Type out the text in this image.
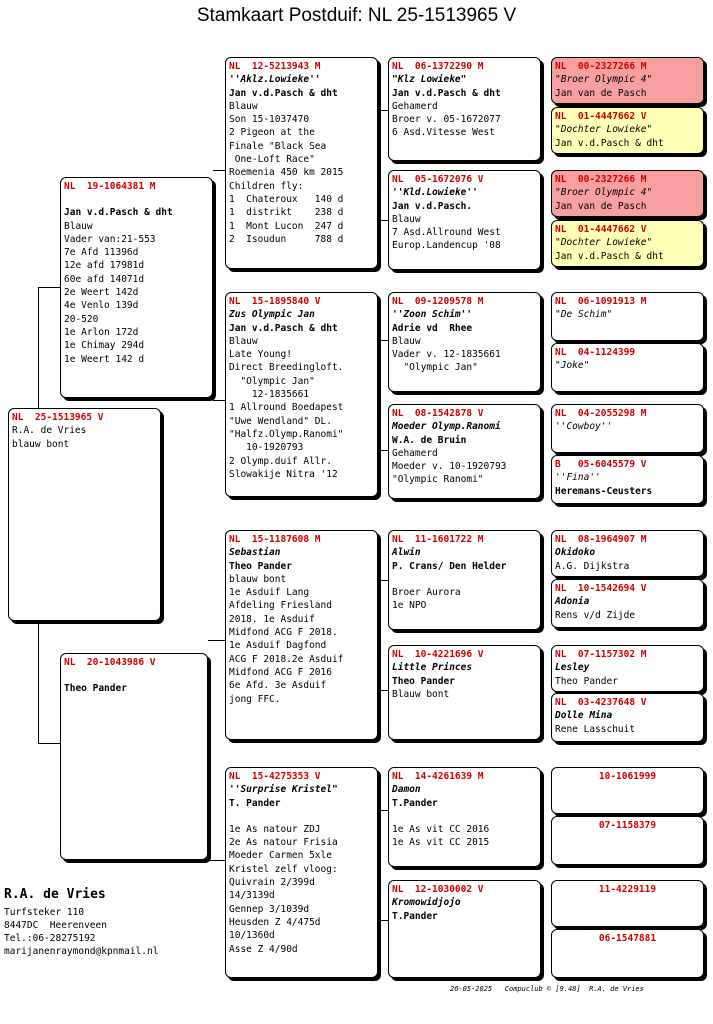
Stamkaart Postduif: NL 25-1513965 V
NL  25-1513965 V
R.A. de Vries
blauw bont
NL  19-1064381 M
Jan v.d.Pasch & dht
Blauw
Vader van:21-553
7e Afd 11396d
12e afd 17981d
60e afd 14071d
2e Weert 142d
4e Venlo 139d
20-520
1e Arlon 172d
1e Chimay 294d
1e Weert 142 d
NL  20-1043986 V
Theo Pander
NL  12-5213943 M
''Aklz.Lowieke''
Jan v.d.Pasch & dht
Blauw
Son 15-1037470
2 Pigeon at the
Finale "Black Sea
One-Loft Race"
Roemenia 450 km 2015
Children fly:
1  Chateroux   140 d
1  distrikt    238 d
1  Mont Lucon  247 d
2  Isoudun     788 d
NL  15-1895840 V
Zus Olympic Jan
Jan v.d.Pasch & dht
Blauw
Late Young!
Direct Breedingloft.
"Olympic Jan"
12-1835661
1 Allround Boedapest
"Uwe Wendland" DL.
"Halfz.Olymp.Ranomi"
10-1920793
2 Olymp.duif Allr.
Slowakije Nitra '12
NL  15-1187608 M
Sebastian
Theo Pander
blauw bont
1e Asduif Lang
Afdeling Friesland
2018. 1e Asduif
Midfond ACG F 2018.
1e Asduif Dagfond
ACG F 2018.2e Asduif
Midfond ACG F 2016
6e Afd. 3e Asduif
jong FFC.
NL  15-4275353 V
''Surprise Kristel"
T. Pander
1e As natour ZDJ
2e As natour Frisia
Moeder Carmen 5xle
Kristel zelf vloog:
Quivrain 2/399d
14/3139d
Gennep 3/1039d
Heusden Z 4/475d
10/1360d
Asse Z 4/90d
NL  06-1372290 M
"Klz Lowieke"
Jan v.d.Pasch & dht
Gehamerd
Broer v. 05-1672077
6 Asd.Vitesse West
NL  05-1672076 V
''Kld.Lowieke''
Jan v.d.Pasch.
Blauw
7 Asd.Allround West
Europ.Landencup '08
NL  09-1209578 M
''Zoon Schim''
Adrie vd  Rhee
Blauw
Vader v. 12-1835661
"Olympic Jan"
NL  08-1542878 V
Moeder Olymp.Ranomi
W.A. de Bruin
Gehamerd
Moeder v. 10-1920793
"Olympic Ranomi"
NL  11-1601722 M
Alwin
P. Crans/ Den Helder
Broer Aurora
1e NPO
NL  10-4221696 V
Little Princes
Theo Pander
Blauw bont
NL  14-4261639 M
Damon
T.Pander
1e As vit CC 2016
1e As vit CC 2015
NL  12-1030002 V
Kromowidjojo
T.Pander
NL  00-2327266 M
"Broer Olympic 4"
Jan van de Pasch
NL  01-4447662 V
"Dochter Lowieke"
Jan v.d.Pasch & dht
NL  00-2327266 M
"Broer Olympic 4"
Jan van de Pasch
NL  01-4447662 V
"Dochter Lowieke"
Jan v.d.Pasch & dht
NL  06-1091913 M
"De Schim"
NL  04-1124399
"Joke"
NL  04-2055298 M
''Cowboy''
B   05-6045579 V
''Fina''
Heremans-Ceusters
NL  08-1964907 M
Okidoko
A.G. Dijkstra
NL  10-1542694 V
Adonia
Rens v/d Zijde
NL  07-1157302 M
Lesley
Theo Pander
NL  03-4237648 V
Dolle Mina
Rene Lasschuit
10-1061999
07-1158379
11-4229119
06-1547881
R.A. de Vries
Turfsteker 110
8447DC  Heerenveen
Tel.:06-28275192
marijanenraymond@kpnmail.nl
26-05-2025   Compuclub © [9.48]  R.A. de Vries
